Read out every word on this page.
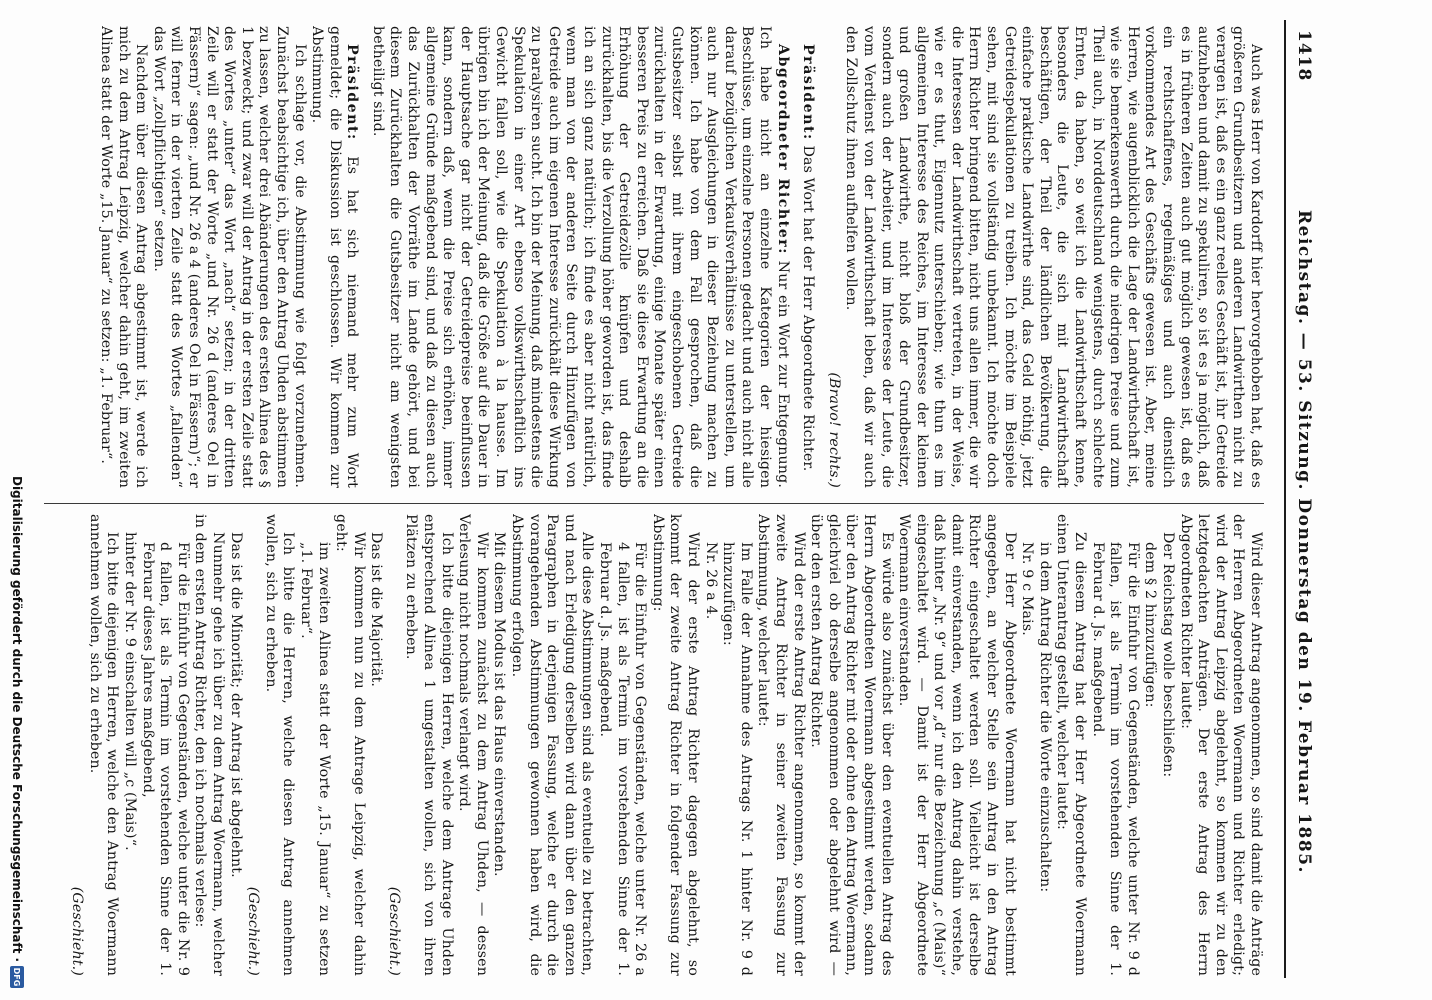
1418
Reichstag. — 53. Sitzung. Donnerstag den 19. Februar 1885.

Auch was Herr von Kardorff hier hervorgehoben hat, daß es größeren Grundbesitzern und anderen Landwirthen nicht zu verargen ist, daß es ein ganz reelles Geschäft ist, ihr Getreide aufzuheben und damit zu spekuliren, so ist es ja möglich, daß es in früheren Zeiten auch gut möglich gewesen ist, daß es ein rechtschaffenes, regelmäßiges und auch dienstlich vorkommendes Art des Geschäfts gewesen ist. Aber, meine Herren, wie augenblicklich die Lage der Landwirthschaft ist, wie sie bemerkenswerth durch die niedrigen Preise und zum Theil auch, in Norddeutschland wenigstens, durch schlechte Ernten, da haben, so weit ich die Landwirthschaft kenne, besonders die Leute, die sich mit Landwirthschaft beschäftigen, der Theil der ländlichen Bevölkerung, die einfache praktische Landwirthe sind, das Geld nöthig, jetzt Getreidespekulationen zu treiben. Ich möchte im Beispiele sehen, mit sind sie vollständig unbekannt. Ich möchte doch Herrn Richter bringend bitten, nicht uns allen immer, die wir die Interessen der Landwirthschaft vertreten, in der Weise, wie er es thut, Eigennutz unterschieben; wie thun es im allgemeinen Interesse des Reiches, im Interesse der kleinen und großen Landwirthe, nicht bloß der Grundbesitzer, sondern auch der Arbeiter, und im Interesse der Leute, die vom Verdienst von der Landwirthschaft leben, daß wir auch den Zollschutz ihnen aufhelfen wollen.

(Bravo! rechts.)

Präsident: Das Wort hat der Herr Abgeordnete Richter.

Abgeordneter Richter: Nur ein Wort zur Entgegnung. Ich habe nicht an einzelne Kategorien der hiesigen Beschlüsse, um einzelne Personen gedacht und auch nicht alle darauf bezüglichen Verkaufsverhältnisse zu unterstellen, um auch nur Ausgleichungen in dieser Beziehung machen zu können. Ich habe von dem Fall gesprochen, daß die Gutsbesitzer selbst mit ihrem eingeschobenen Getreide zurückhalten in der Erwartung, einige Monate später einen besseren Preis zu erreichen. Daß sie diese Erwartung an die Erhöhung der Getreidezölle knüpfen und deshalb zurückhalten, bis die Verzollung höher geworden ist, das finde ich an sich ganz natürlich; ich finde es aber nicht natürlich, wenn man von der anderen Seite durch Hinzufügen von Getreide auch im eigenen Interesse zurückhält diese Wirkung zu paralysiren sucht. Ich bin der Meinung, daß mindestens die Spekulation in einer Art ebenso volkswirthschaftlich ins Gewicht fallen soll, wie die Spekulation à la hausse. Im übrigen bin ich der Meinung, daß die Größe auf die Dauer in der Hauptsache gar nicht der Getreidepreise beeinflussen kann, sondern daß, wenn die Preise sich erhöhen, immer allgemeine Gründe maßgebend sind, und daß zu diesen auch das Zurückhalten der Vorräthe im Lande gehört, und bei diesem Zurückhalten die Gutsbesitzer nicht am wenigsten betheiligt sind.

Präsident: Es hat sich niemand mehr zum Wort gemeldet; die Diskussion ist geschlossen. Wir kommen zur Abstimmung.

Ich schlage vor, die Abstimmung wie folgt vorzunehmen. Zunächst beabsichtige ich, über den Antrag Uhden abstimmen zu lassen, welcher drei Abänderungen des ersten Alinea des § 1 bezweckt; und zwar will der Antrag in der ersten Zeile statt des Wortes „unter“ das Wort „nach“ setzen; in der dritten Zeile will er statt der Worte „und Nr. 26 d (anderes Oel in Fässern)“ sagen: „und Nr. 26 a 4 (anderes Oel in Fässern)“; er will ferner in der vierten Zeile statt des Wortes „fallenden“ das Wort „zollpflichtigen“ setzen.

Nachdem über diesen Antrag abgestimmt ist, werde ich mich zu dem Antrag Leipzig, welcher dahin geht, im zweiten Alinea statt der Worte „15. Januar“ zu setzen: „1. Februar“.

Wird dieser Antrag angenommen, so sind damit die Anträge der Herren Abgeordneten Woermann und Richter erledigt; wird der Antrag Leipzig abgelehnt, so kommen wir zu den letztgedachten Anträgen. Der erste Antrag des Herrn Abgeordneten Richter lautet:

Der Reichstag wolle beschließen:

dem § 2 hinzuzufügen:

Für die Einfuhr von Gegenständen, welche unter Nr. 9 d fallen, ist als Termin im vorstehenden Sinne der 1. Februar d. Js. maßgebend.

Zu diesem Antrag hat der Herr Abgeordnete Woermann einen Unterantrag gestellt, welcher lautet:

in dem Antrag Richter die Worte einzuschalten:

Nr. 9 c Mais.

Der Herr Abgeordnete Woermann hat nicht bestimmt angegeben, an welcher Stelle sein Antrag in den Antrag Richter eingeschaltet werden soll. Vielleicht ist derselbe damit einverstanden, wenn ich den Antrag dahin verstehe, daß hinter „Nr. 9“ und vor „d“ nur die Bezeichnung „c (Mais)“ eingeschaltet wird. — Damit ist der Herr Abgeordnete Woermann einverstanden.

Es würde also zunächst über den eventuellen Antrag des Herrn Abgeordneten Woermann abgestimmt werden, sodann über den Antrag Richter mit oder ohne den Antrag Woermann, gleichviel ob derselbe angenommen oder abgelehnt wird — über den ersten Antrag Richter.

Wird der erste Antrag Richter angenommen, so kommt der zweite Antrag Richter in seiner zweiten Fassung zur Abstimmung, welcher lautet:

Im Falle der Annahme des Antrags Nr. 1 hinter Nr. 9 d hinzuzufügen:

Nr. 26 a 4.

Wird der erste Antrag Richter dagegen abgelehnt, so kommt der zweite Antrag Richter in folgender Fassung zur Abstimmung:

Für die Einfuhr von Gegenständen, welche unter Nr. 26 a 4 fallen, ist als Termin im vorstehenden Sinne der 1. Februar d. Js. maßgebend.

Alle diese Abstimmungen sind als eventuelle zu betrachten, und nach Erledigung derselben wird dann über den ganzen Paragraphen in derjenigen Fassung, welche er durch die vorangehenden Abstimmungen gewonnen haben wird, die Abstimmung erfolgen.

Mit diesem Modus ist das Haus einverstanden.

Wir kommen zunächst zu dem Antrag Uhden, — dessen Verlesung nicht nochmals verlangt wird.

Ich bitte diejenigen Herren, welche dem Antrage Uhden entsprechend Alinea 1 umgestalten wollen, sich von ihren Plätzen zu erheben.

(Geschieht.)

Das ist die Majorität.

Wir kommen nun zu dem Antrage Leipzig, welcher dahin geht:

im zweiten Alinea statt der Worte „15. Januar“ zu setzen „1. Februar“.

Ich bitte die Herren, welche diesen Antrag annehmen wollen, sich zu erheben.

(Geschieht.)

Das ist die Minorität; der Antrag ist abgelehnt.

Nunmehr gehe ich über zu dem Antrag Woermann, welcher in dem ersten Antrag Richter, den ich nochmals verlese:

Für die Einfuhr von Gegenständen, welche unter die Nr. 9 d fallen, ist als Termin im vorstehenden Sinne der 1. Februar dieses Jahres maßgebend,

hinter der Nr. 9 einschalten will „c (Mais)“.

Ich bitte diejenigen Herren, welche den Antrag Woermann annehmen wollen, sich zu erheben.

(Geschieht.)

Digitalisierung gefördert durch die Deutsche Forschungsgemeinschaft
·
DFG
